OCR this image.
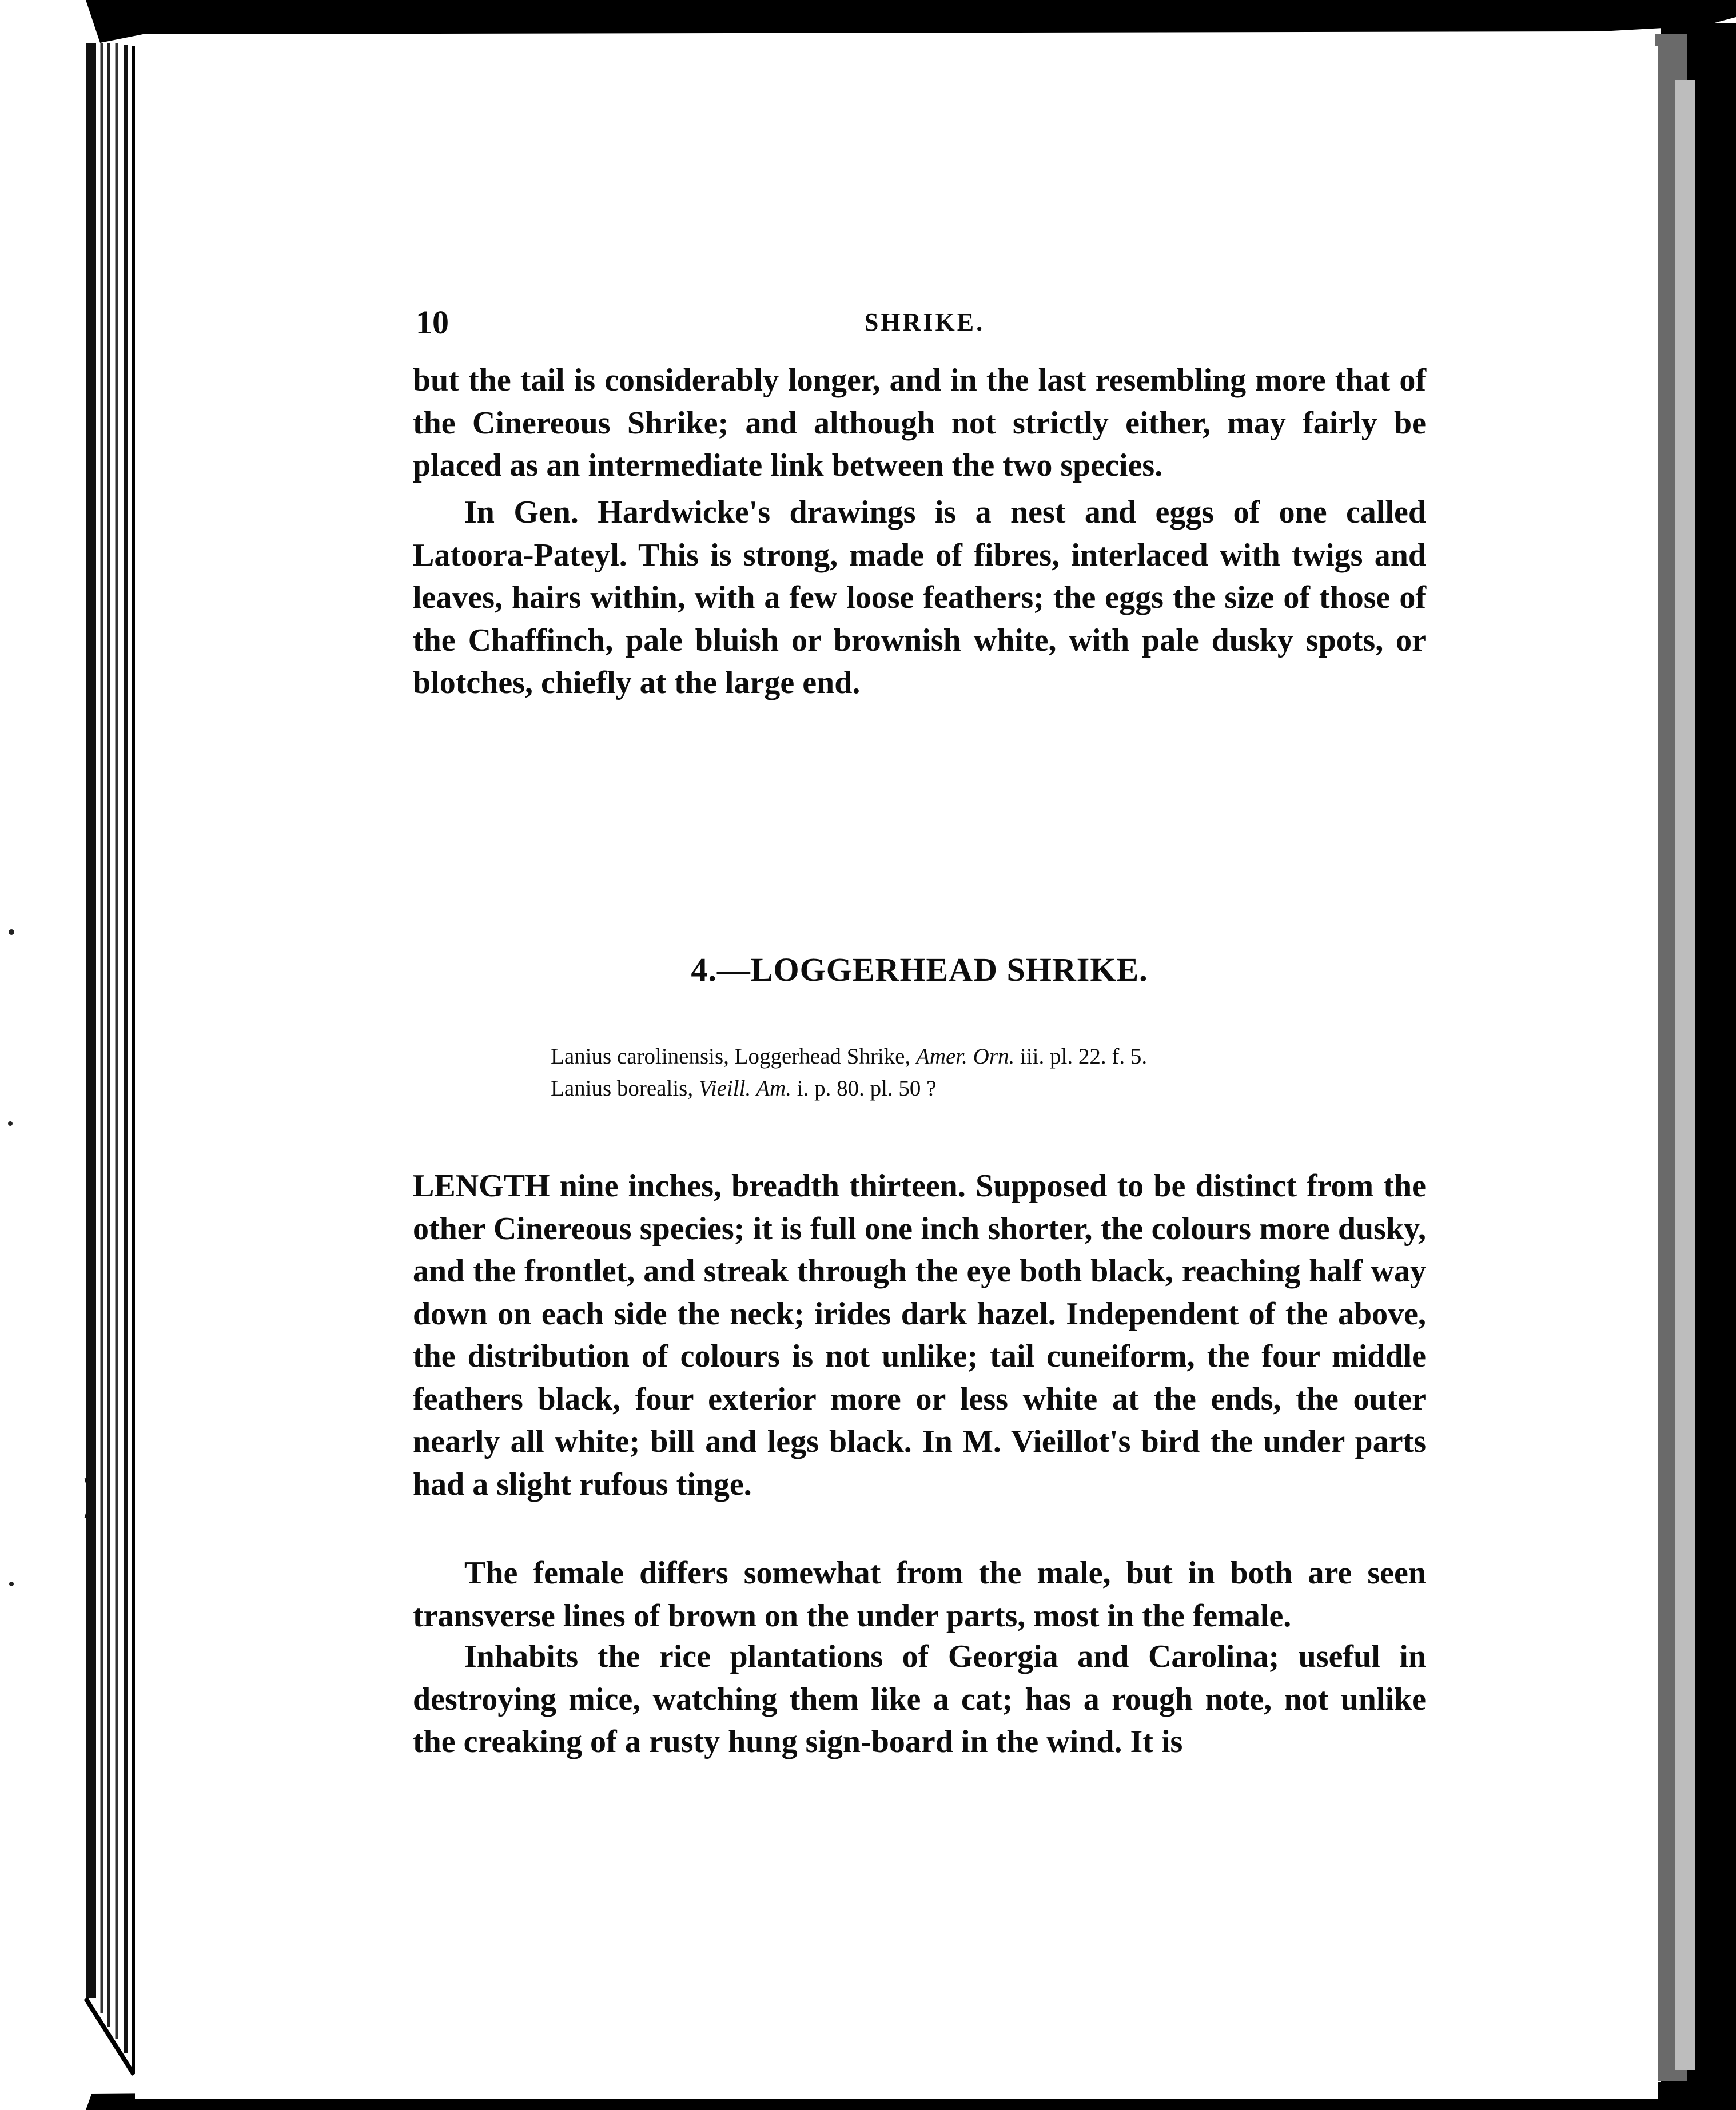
10	SHRIKE.

but the tail is considerably longer, and in the last resembling more that of the Cinereous Shrike; and although not strictly either, may fairly be placed as an intermediate link between the two species.

In Gen. Hardwicke's drawings is a nest and eggs of one called Latoora-Pateyl. This is strong, made of fibres, interlaced with twigs and leaves, hairs within, with a few loose feathers; the eggs the size of those of the Chaffinch, pale bluish or brownish white, with pale dusky spots, or blotches, chiefly at the large end.

4.—LOGGERHEAD SHRIKE.
Lanius carolinensis, Loggerhead Shrike, Amer. Orn. iii. pl. 22. f. 5.
Lanius borealis, Vieill. Am. i. p. 80. pl. 50 ?

LENGTH nine inches, breadth thirteen. Supposed to be distinct from the other Cinereous species; it is full one inch shorter, the colours more dusky, and the frontlet, and streak through the eye both black, reaching half way down on each side the neck; irides dark hazel. Independent of the above, the distribution of colours is not unlike; tail cuneiform, the four middle feathers black, four exterior more or less white at the ends, the outer nearly all white; bill and legs black. In M. Vieillot's bird the under parts had a slight rufous tinge.

The female differs somewhat from the male, but in both are seen transverse lines of brown on the under parts, most in the female.

Inhabits the rice plantations of Georgia and Carolina; useful in destroying mice, watching them like a cat; has a rough note, not unlike the creaking of a rusty hung sign-board in the wind. It is
